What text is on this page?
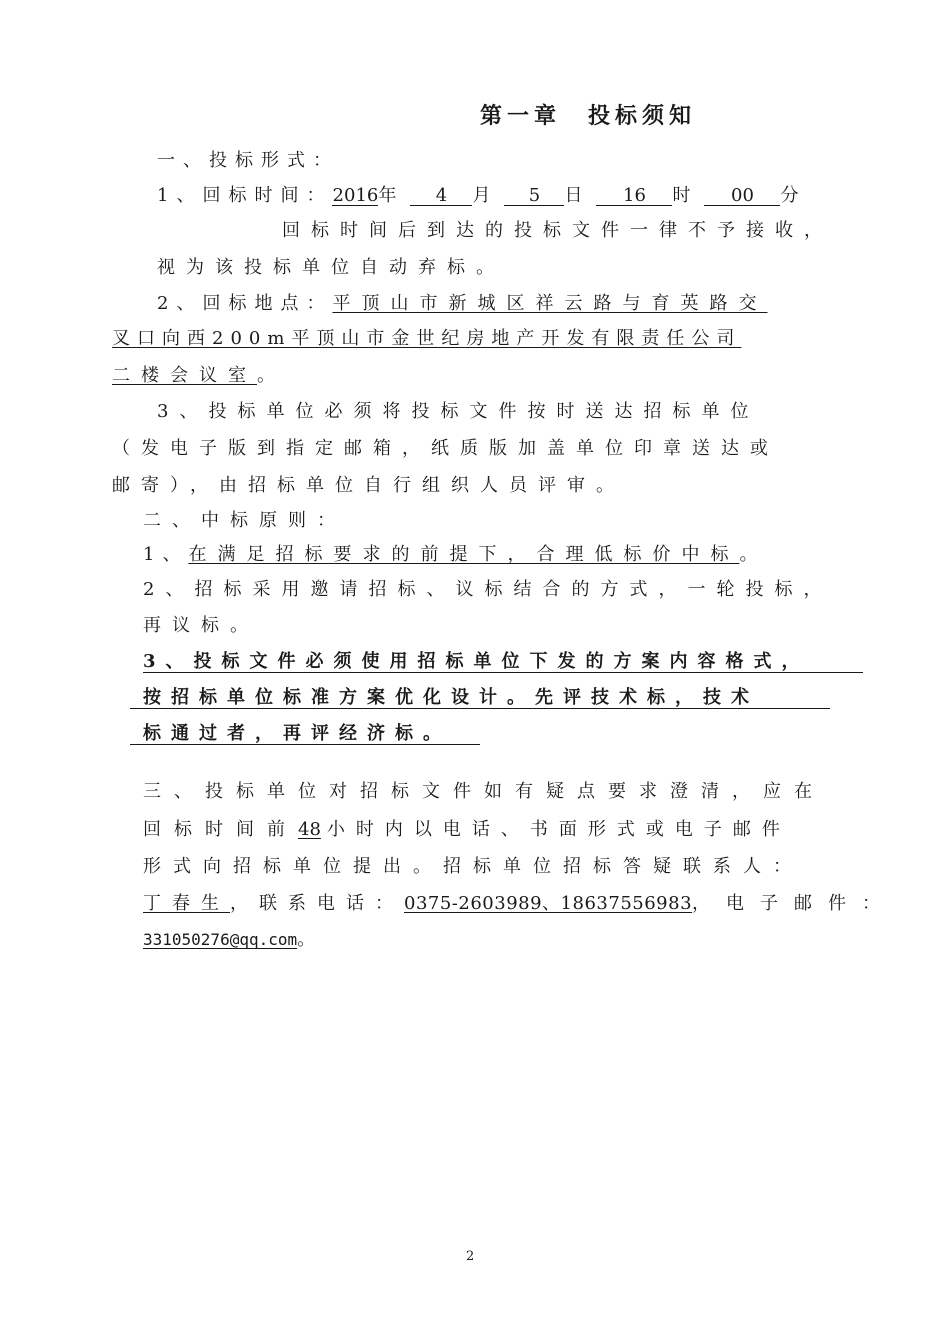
第一章　投标须知
一、投标形式：
1、回标时间：2016年 4 月 5 日 16 时 00 分
回标时间后到达的投标文件一律不予接收，
视为该投标单位自动弃标。
2、回标地点：平顶山市新城区祥云路与育英路交
叉口向西200m平顶山市金世纪房地产开发有限责任公司
二楼会议室。
3、投标单位必须将投标文件按时送达招标单位
（发电子版到指定邮箱，纸质版加盖单位印章送达或
邮寄），由招标单位自行组织人员评审。
二、中标原则：
1、在满足招标要求的前提下，合理低标价中标。
2、招标采用邀请招标、议标结合的方式，一轮投标，
再议标。
3、投标文件必须使用招标单位下发的方案内容格式，
按招标单位标准方案优化设计。先评技术标，技术
标通过者，再评经济标。
三、投标单位对招标文件如有疑点要求澄清，应在
回标时间前48 小时内以电话、书面形式或电子邮件
形式向招标单位提出。招标单位招标答疑联系人：
丁春生，联系电话：0375-2603989、18637556983，电子邮件：
331050276@qq.com。
2
